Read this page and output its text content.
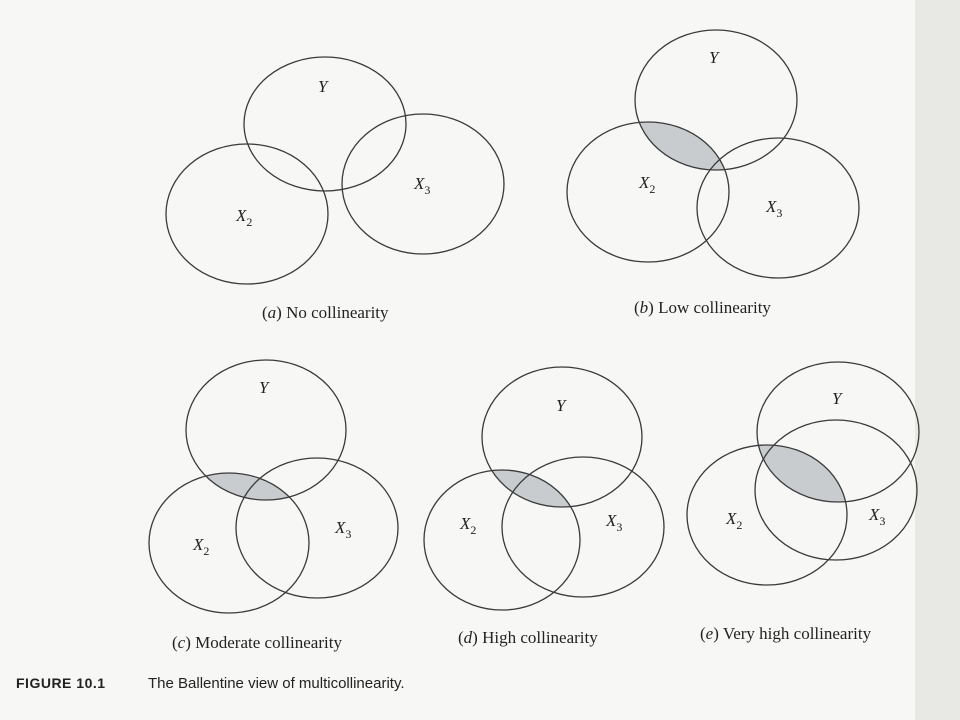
Y
$X_2$
$X_3$
(a) No collinearity
Y
$X_2$
$X_3$
(b) Low collinearity
Y
$X_2$
$X_3$
(c) Moderate collinearity
Y
$X_2$	$X_3$
(d) High collinearity
Y
$X_2$
$X_3$
(e) Very high collinearity
FIGURE 10.1	The Ballentine view of multicollinearity.
